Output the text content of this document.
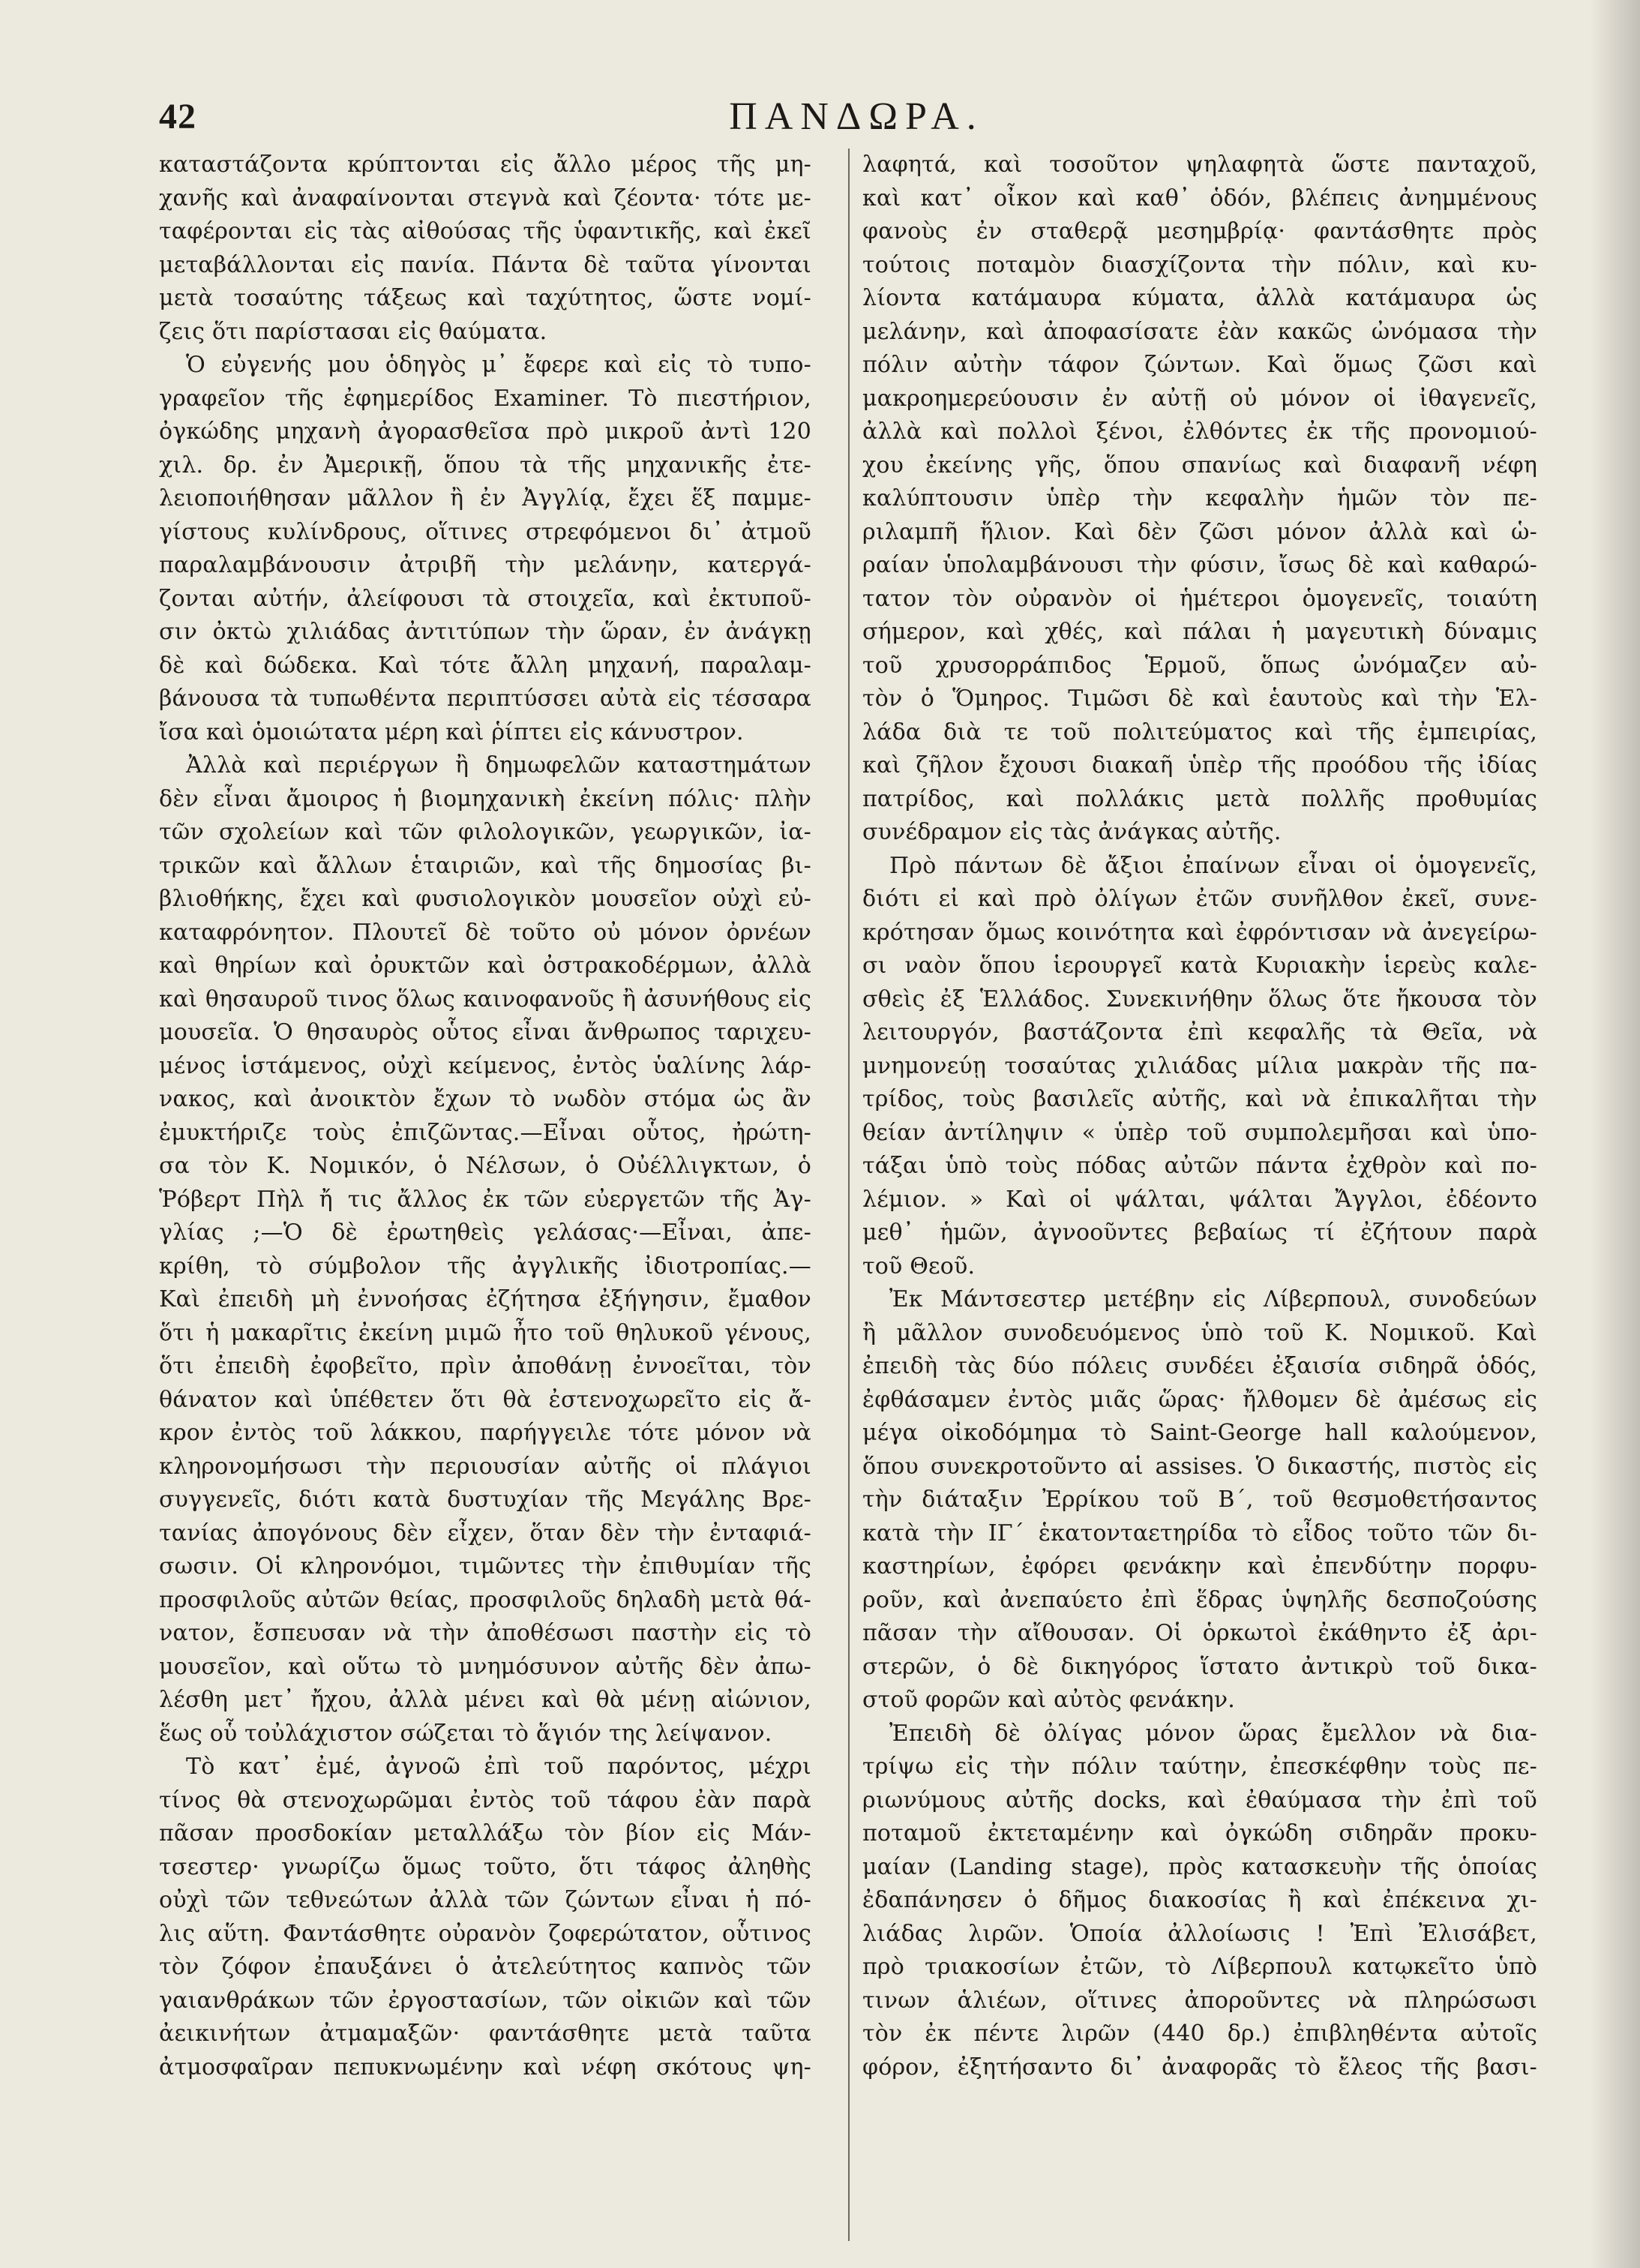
42	ΠΑΝΔΩΡΑ.
καταστάζοντα κρύπτονται εἰς ἄλλο μέρος τῆς μη-
χανῆς καὶ ἀναφαίνονται στεγνὰ καὶ ζέοντα· τότε με-
ταφέρονται εἰς τὰς αἰθούσας τῆς ὑφαντικῆς, καὶ ἐκεῖ
μεταβάλλονται εἰς πανία. Πάντα δὲ ταῦτα γίνονται
μετὰ τοσαύτης τάξεως καὶ ταχύτητος, ὥστε νομί-
ζεις ὅτι παρίστασαι εἰς θαύματα.
Ὁ εὐγενής μου ὁδηγὸς μ᾽ ἔφερε καὶ εἰς τὸ τυπο-
γραφεῖον τῆς ἐφημερίδος Examiner. Τὸ πιεστήριον,
ὀγκώδης μηχανὴ ἀγορασθεῖσα πρὸ μικροῦ ἀντὶ 120
χιλ. δρ. ἐν Ἀμερικῇ, ὅπου τὰ τῆς μηχανικῆς ἐτε-
λειοποιήθησαν μᾶλλον ἢ ἐν Ἀγγλίᾳ, ἔχει ἕξ παμμε-
γίστους κυλίνδρους, οἵτινες στρεφόμενοι δι᾽ ἀτμοῦ
παραλαμβάνουσιν ἀτριβῆ τὴν μελάνην, κατεργά-
ζονται αὐτήν, ἀλείφουσι τὰ στοιχεῖα, καὶ ἐκτυποῦ-
σιν ὀκτὼ χιλιάδας ἀντιτύπων τὴν ὥραν, ἐν ἀνάγκῃ
δὲ καὶ δώδεκα. Καὶ τότε ἄλλη μηχανή, παραλαμ-
βάνουσα τὰ τυπωθέντα περιπτύσσει αὐτὰ εἰς τέσσαρα
ἴσα καὶ ὁμοιώτατα μέρη καὶ ῥίπτει εἰς κάνυστρον.
Ἀλλὰ καὶ περιέργων ἢ δημωφελῶν καταστημάτων
δὲν εἶναι ἄμοιρος ἡ βιομηχανικὴ ἐκείνη πόλις· πλὴν
τῶν σχολείων καὶ τῶν φιλολογικῶν, γεωργικῶν, ἰα-
τρικῶν καὶ ἄλλων ἑταιριῶν, καὶ τῆς δημοσίας βι-
βλιοθήκης, ἔχει καὶ φυσιολογικὸν μουσεῖον οὐχὶ εὐ-
καταφρόνητον. Πλουτεῖ δὲ τοῦτο οὐ μόνον ὀρνέων
καὶ θηρίων καὶ ὀρυκτῶν καὶ ὀστρακοδέρμων, ἀλλὰ
καὶ θησαυροῦ τινος ὅλως καινοφανοῦς ἢ ἀσυνήθους εἰς
μουσεῖα. Ὁ θησαυρὸς οὗτος εἶναι ἄνθρωπος ταριχευ-
μένος ἱστάμενος, οὐχὶ κείμενος, ἐντὸς ὑαλίνης λάρ-
νακος, καὶ ἀνοικτὸν ἔχων τὸ νωδὸν στόμα ὡς ἂν
ἐμυκτήριζε τοὺς ἐπιζῶντας.—Εἶναι οὗτος, ἠρώτη-
σα τὸν Κ. Νομικόν, ὁ Νέλσων, ὁ Οὐέλλιγκτων, ὁ
Ῥόβερτ Πὴλ ἤ τις ἄλλος ἐκ τῶν εὐεργετῶν τῆς Ἀγ-
γλίας ;—Ὁ δὲ ἐρωτηθεὶς γελάσας·—Εἶναι, ἀπε-
κρίθη, τὸ σύμβολον τῆς ἀγγλικῆς ἰδιοτροπίας.—
Καὶ ἐπειδὴ μὴ ἐννοήσας ἐζήτησα ἐξήγησιν, ἔμαθον
ὅτι ἡ μακαρῖτις ἐκείνη μιμῶ ἦτο τοῦ θηλυκοῦ γένους,
ὅτι ἐπειδὴ ἐφοβεῖτο, πρὶν ἀποθάνῃ ἐννοεῖται, τὸν
θάνατον καὶ ὑπέθετεν ὅτι θὰ ἐστενοχωρεῖτο εἰς ἄ-
κρον ἐντὸς τοῦ λάκκου, παρήγγειλε τότε μόνον νὰ
κληρονομήσωσι τὴν περιουσίαν αὐτῆς οἱ πλάγιοι
συγγενεῖς, διότι κατὰ δυστυχίαν τῆς Μεγάλης Βρε-
τανίας ἀπογόνους δὲν εἶχεν, ὅταν δὲν τὴν ἐνταφιά-
σωσιν. Οἱ κληρονόμοι, τιμῶντες τὴν ἐπιθυμίαν τῆς
προσφιλοῦς αὐτῶν θείας, προσφιλοῦς δηλαδὴ μετὰ θά-
νατον, ἔσπευσαν νὰ τὴν ἀποθέσωσι παστὴν εἰς τὸ
μουσεῖον, καὶ οὕτω τὸ μνημόσυνον αὐτῆς δὲν ἀπω-
λέσθη μετ᾽ ἤχου, ἀλλὰ μένει καὶ θὰ μένῃ αἰώνιον,
ἕως οὗ τοὐλάχιστον σώζεται τὸ ἅγιόν της λείψανον.
Τὸ κατ᾽ ἐμέ, ἀγνοῶ ἐπὶ τοῦ παρόντος, μέχρι
τίνος θὰ στενοχωρῶμαι ἐντὸς τοῦ τάφου ἐὰν παρὰ
πᾶσαν προσδοκίαν μεταλλάξω τὸν βίον εἰς Μάν-
τσεστερ· γνωρίζω ὅμως τοῦτο, ὅτι τάφος ἀληθὴς
οὐχὶ τῶν τεθνεώτων ἀλλὰ τῶν ζώντων εἶναι ἡ πό-
λις αὕτη. Φαντάσθητε οὐρανὸν ζοφερώτατον, οὗτινος
τὸν ζόφον ἐπαυξάνει ὁ ἀτελεύτητος καπνὸς τῶν
γαιανθράκων τῶν ἐργοστασίων, τῶν οἰκιῶν καὶ τῶν
ἀεικινήτων ἀτμαμαξῶν· φαντάσθητε μετὰ ταῦτα
ἀτμοσφαῖραν πεπυκνωμένην καὶ νέφη σκότους ψη-
λαφητά, καὶ τοσοῦτον ψηλαφητὰ ὥστε πανταχοῦ,
καὶ κατ᾽ οἶκον καὶ καθ᾽ ὁδόν, βλέπεις ἀνημμένους
φανοὺς ἐν σταθερᾷ μεσημβρίᾳ· φαντάσθητε πρὸς
τούτοις ποταμὸν διασχίζοντα τὴν πόλιν, καὶ κυ-
λίοντα κατάμαυρα κύματα, ἀλλὰ κατάμαυρα ὡς
μελάνην, καὶ ἀποφασίσατε ἐὰν κακῶς ὠνόμασα τὴν
πόλιν αὐτὴν τάφον ζώντων. Καὶ ὅμως ζῶσι καὶ
μακροημερεύουσιν ἐν αὐτῇ οὐ μόνον οἱ ἰθαγενεῖς,
ἀλλὰ καὶ πολλοὶ ξένοι, ἐλθόντες ἐκ τῆς προνομιού-
χου ἐκείνης γῆς, ὅπου σπανίως καὶ διαφανῆ νέφη
καλύπτουσιν ὑπὲρ τὴν κεφαλὴν ἡμῶν τὸν πε-
ριλαμπῆ ἥλιον. Καὶ δὲν ζῶσι μόνον ἀλλὰ καὶ ὡ-
ραίαν ὑπολαμβάνουσι τὴν φύσιν, ἴσως δὲ καὶ καθαρώ-
τατον τὸν οὐρανὸν οἱ ἡμέτεροι ὁμογενεῖς, τοιαύτη
σήμερον, καὶ χθές, καὶ πάλαι ἡ μαγευτικὴ δύναμις
τοῦ χρυσορράπιδος Ἑρμοῦ, ὅπως ὠνόμαζεν αὐ-
τὸν ὁ Ὅμηρος. Τιμῶσι δὲ καὶ ἑαυτοὺς καὶ τὴν Ἑλ-
λάδα διὰ τε τοῦ πολιτεύματος καὶ τῆς ἐμπειρίας,
καὶ ζῆλον ἔχουσι διακαῆ ὑπὲρ τῆς προόδου τῆς ἰδίας
πατρίδος, καὶ πολλάκις μετὰ πολλῆς προθυμίας
συνέδραμον εἰς τὰς ἀνάγκας αὐτῆς.
Πρὸ πάντων δὲ ἄξιοι ἐπαίνων εἶναι οἱ ὁμογενεῖς,
διότι εἰ καὶ πρὸ ὀλίγων ἐτῶν συνῆλθον ἐκεῖ, συνε-
κρότησαν ὅμως κοινότητα καὶ ἐφρόντισαν νὰ ἀνεγείρω-
σι ναὸν ὅπου ἱερουργεῖ κατὰ Κυριακὴν ἱερεὺς καλε-
σθεὶς ἐξ Ἑλλάδος. Συνεκινήθην ὅλως ὅτε ἤκουσα τὸν
λειτουργόν, βαστάζοντα ἐπὶ κεφαλῆς τὰ Θεῖα, νὰ
μνημονεύῃ τοσαύτας χιλιάδας μίλια μακρὰν τῆς πα-
τρίδος, τοὺς βασιλεῖς αὐτῆς, καὶ νὰ ἐπικαλῆται τὴν
θείαν ἀντίληψιν « ὑπὲρ τοῦ συμπολεμῆσαι καὶ ὑπο-
τάξαι ὑπὸ τοὺς πόδας αὐτῶν πάντα ἐχθρὸν καὶ πο-
λέμιον. » Καὶ οἱ ψάλται, ψάλται Ἄγγλοι, ἐδέοντο
μεθ᾽ ἡμῶν, ἀγνοοῦντες βεβαίως τί ἐζήτουν παρὰ
τοῦ Θεοῦ.
Ἐκ Μάντσεστερ μετέβην εἰς Λίβερπουλ, συνοδεύων
ἢ μᾶλλον συνοδευόμενος ὑπὸ τοῦ Κ. Νομικοῦ. Καὶ
ἐπειδὴ τὰς δύο πόλεις συνδέει ἐξαισία σιδηρᾶ ὁδός,
ἐφθάσαμεν ἐντὸς μιᾶς ὥρας· ἤλθομεν δὲ ἀμέσως εἰς
μέγα οἰκοδόμημα τὸ Saint-George hall καλούμενον,
ὅπου συνεκροτοῦντο αἱ assises. Ὁ δικαστής, πιστὸς εἰς
τὴν διάταξιν Ἐρρίκου τοῦ Β΄, τοῦ θεσμοθετήσαντος
κατὰ τὴν ΙΓ΄ ἑκατονταετηρίδα τὸ εἶδος τοῦτο τῶν δι-
καστηρίων, ἐφόρει φενάκην καὶ ἐπενδύτην πορφυ-
ροῦν, καὶ ἀνεπαύετο ἐπὶ ἕδρας ὑψηλῆς δεσποζούσης
πᾶσαν τὴν αἴθουσαν. Οἱ ὁρκωτοὶ ἐκάθηντο ἐξ ἀρι-
στερῶν, ὁ δὲ δικηγόρος ἵστατο ἀντικρὺ τοῦ δικα-
στοῦ φορῶν καὶ αὐτὸς φενάκην.
Ἐπειδὴ δὲ ὀλίγας μόνον ὥρας ἔμελλον νὰ δια-
τρίψω εἰς τὴν πόλιν ταύτην, ἐπεσκέφθην τοὺς πε-
ριωνύμους αὐτῆς docks, καὶ ἐθαύμασα τὴν ἐπὶ τοῦ
ποταμοῦ ἐκτεταμένην καὶ ὀγκώδη σιδηρᾶν προκυ-
μαίαν (Landing stage), πρὸς κατασκευὴν τῆς ὁποίας
ἐδαπάνησεν ὁ δῆμος διακοσίας ἢ καὶ ἐπέκεινα χι-
λιάδας λιρῶν. Ὁποία ἀλλοίωσις ! Ἐπὶ Ἐλισάβετ,
πρὸ τριακοσίων ἐτῶν, τὸ Λίβερπουλ κατῳκεῖτο ὑπὸ
τινων ἁλιέων, οἵτινες ἀποροῦντες νὰ πληρώσωσι
τὸν ἐκ πέντε λιρῶν (440 δρ.) ἐπιβληθέντα αὐτοῖς
φόρον, ἐξητήσαντο δι᾽ ἀναφορᾶς τὸ ἔλεος τῆς βασι-
